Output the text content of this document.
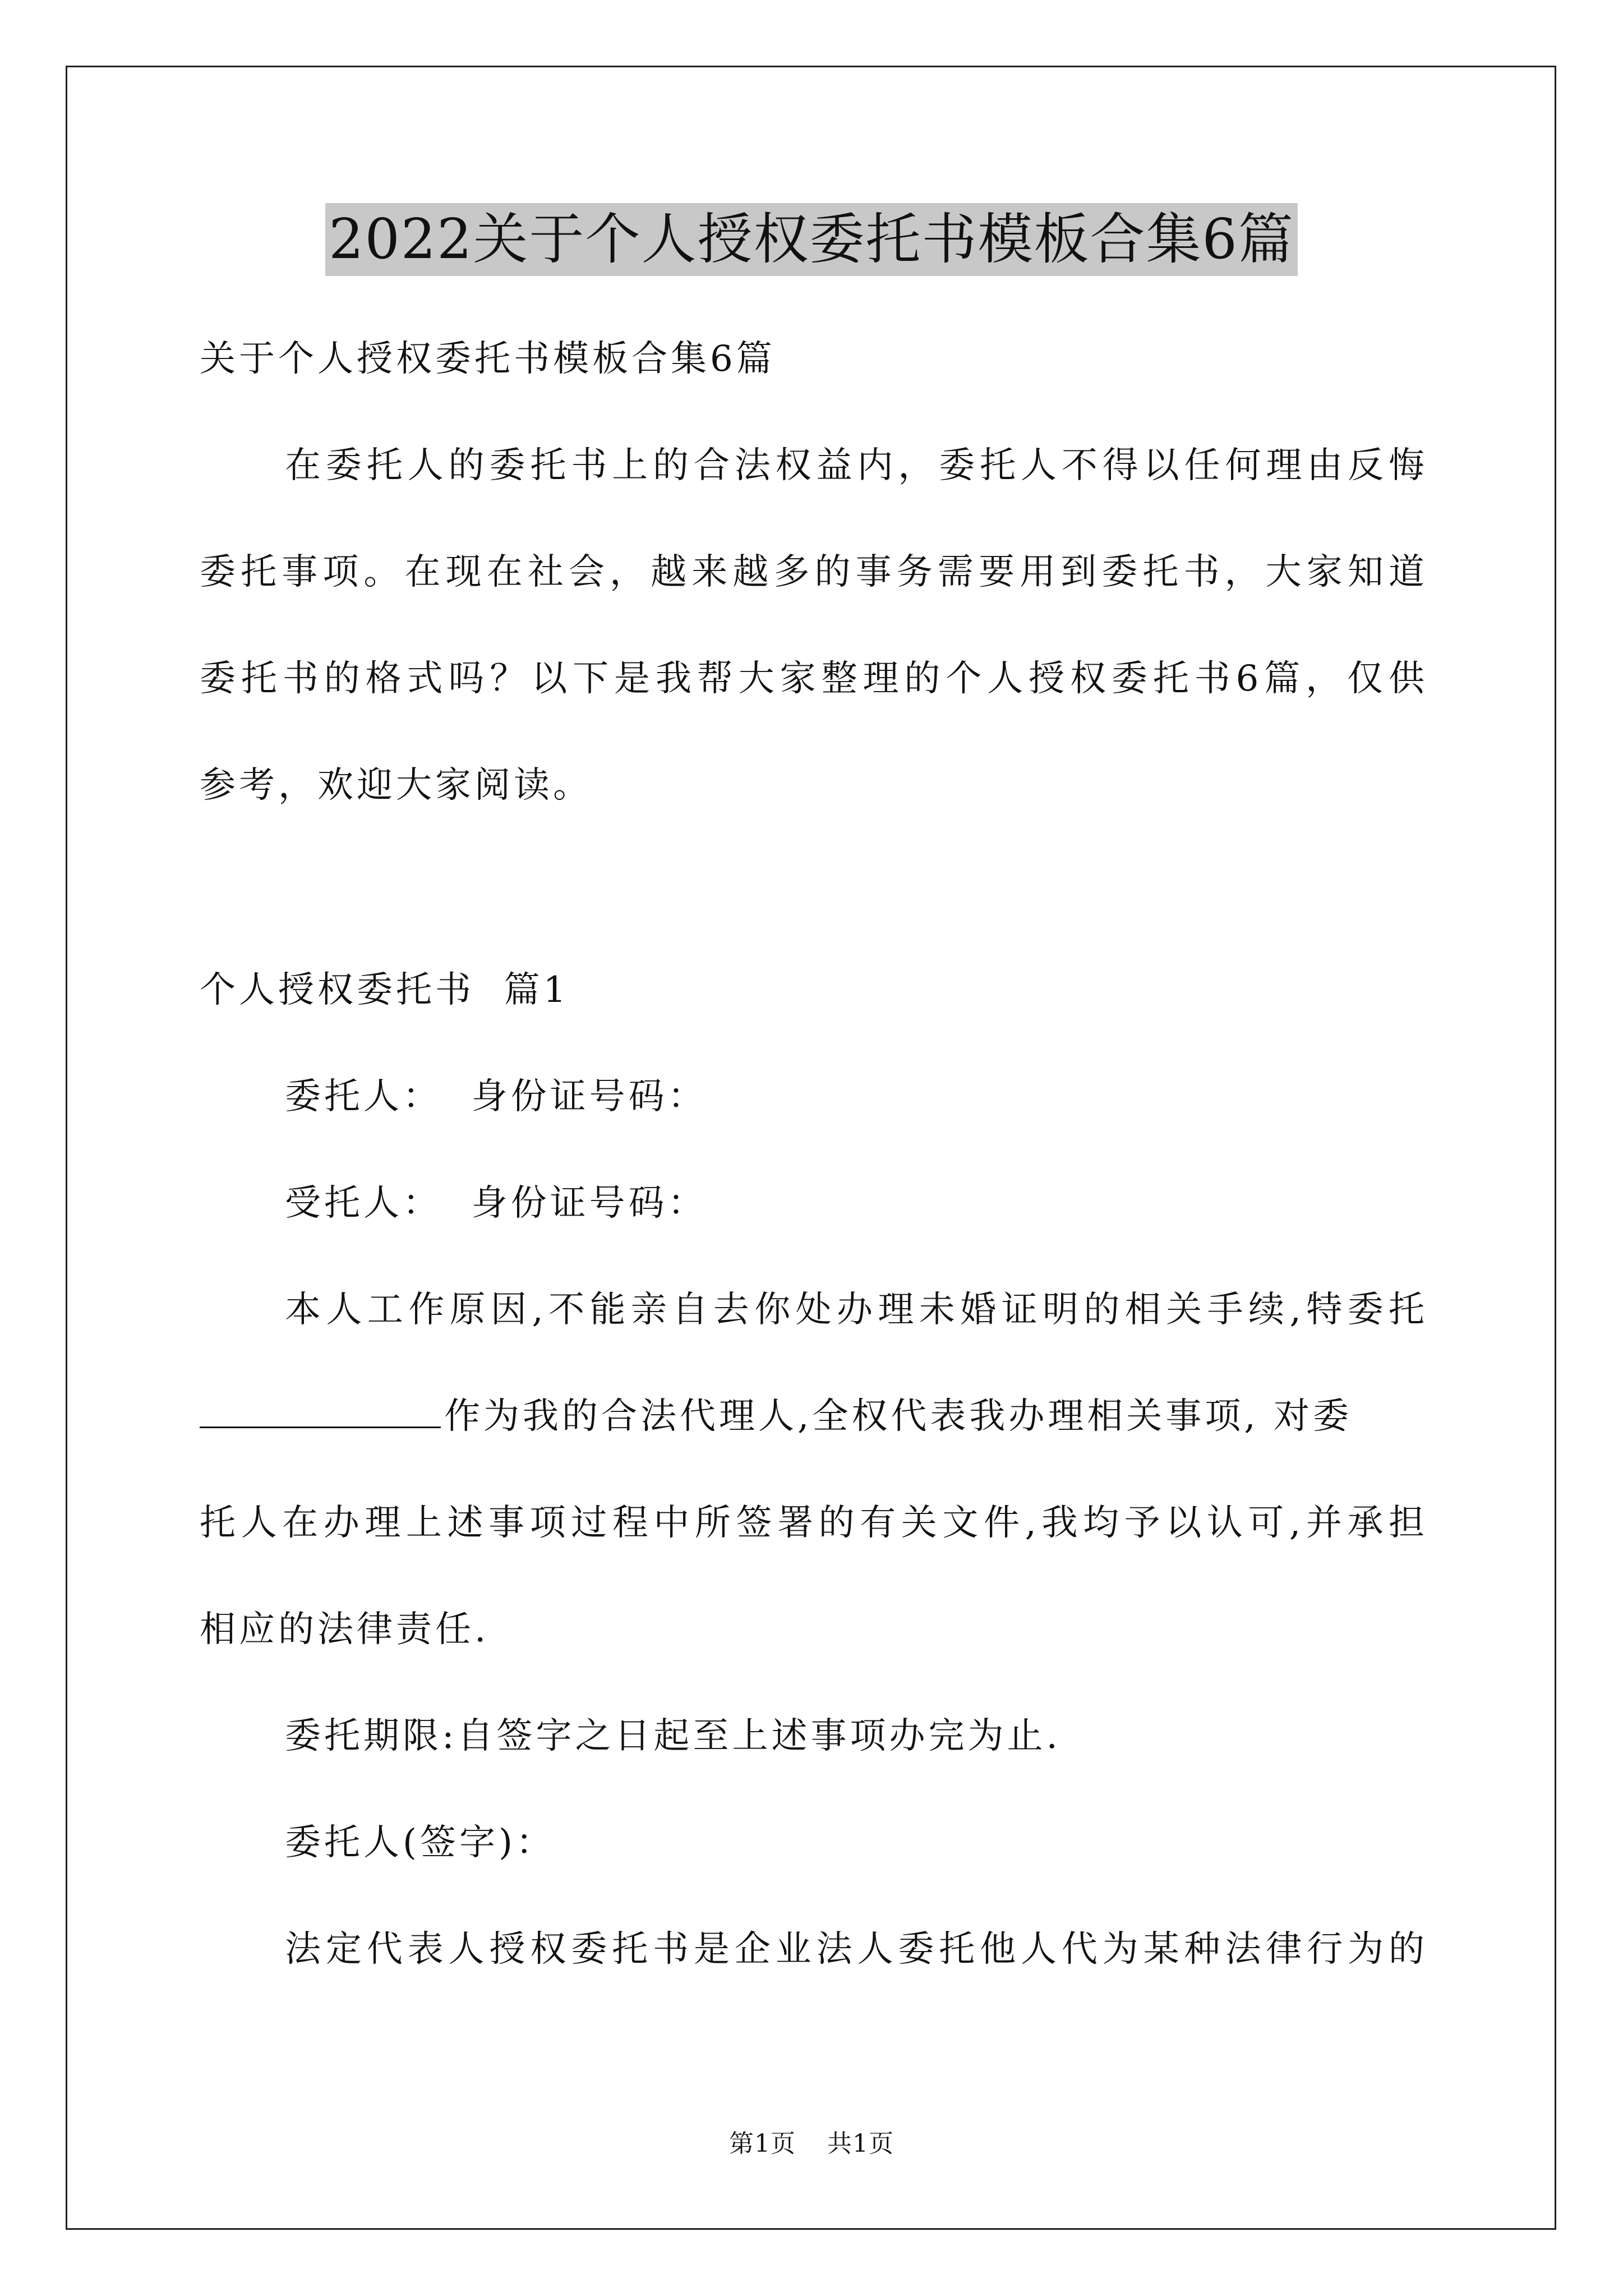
2022关于个人授权委托书模板合集6篇
关于个人授权委托书模板合集6篇
在委托人的委托书上的合法权益内，委托人不得以任何理由反悔
委托事项。在现在社会，越来越多的事务需要用到委托书，大家知道
委托书的格式吗？以下是我帮大家整理的个人授权委托书6篇，仅供
参考，欢迎大家阅读。
个人授权委托书  篇1
委托人：  身份证号码：
受托人：  身份证号码：
本人工作原因,不能亲自去你处办理未婚证明的相关手续,特委托
作为我的合法代理人,全权代表我办理相关事项, 对委
托人在办理上述事项过程中所签署的有关文件,我均予以认可,并承担
相应的法律责任.
委托期限:自签字之日起至上述事项办完为止.
委托人(签字)：
法定代表人授权委托书是企业法人委托他人代为某种法律行为的
第1页 共1页
